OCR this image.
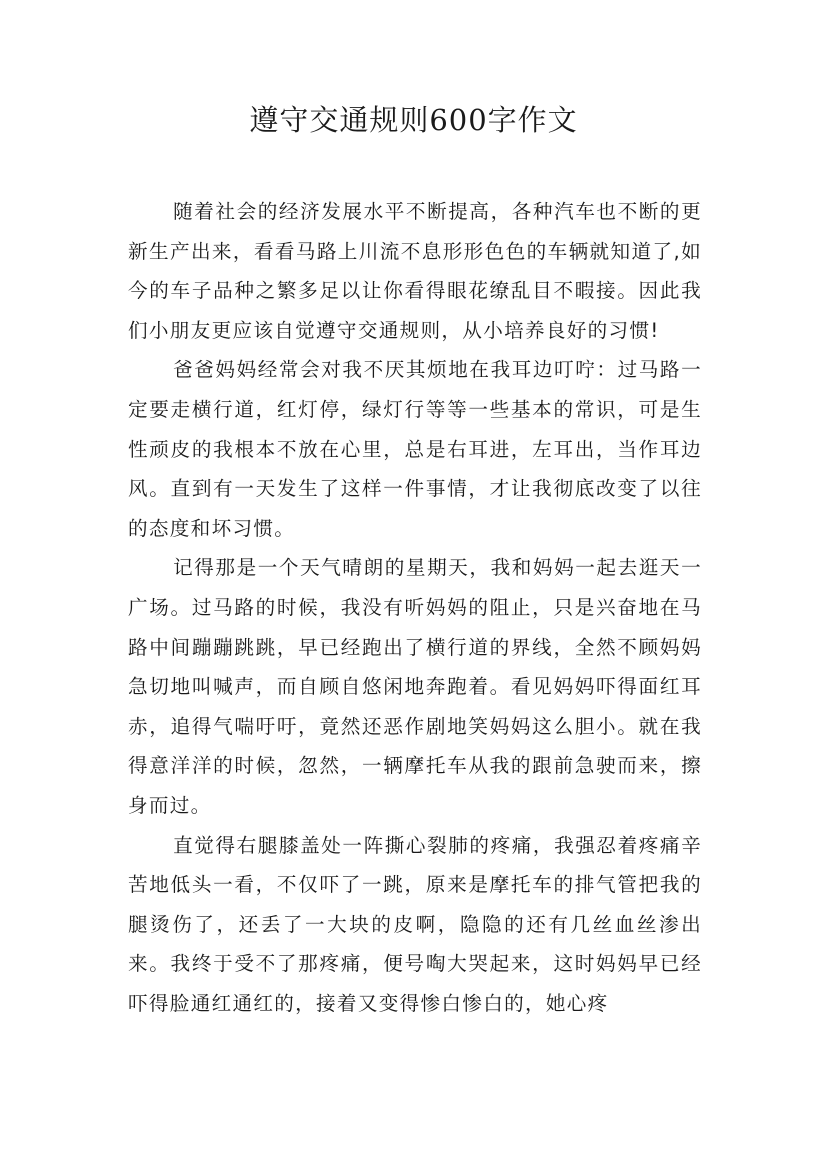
遵守交通规则600字作文

随着社会的经济发展水平不断提高，各种汽车也不断的更新生产出来，看看马路上川流不息形形色色的车辆就知道了,如今的车子品种之繁多足以让你看得眼花缭乱目不暇接。因此我们小朋友更应该自觉遵守交通规则，从小培养良好的习惯!

爸爸妈妈经常会对我不厌其烦地在我耳边叮咛：过马路一定要走横行道，红灯停，绿灯行等等一些基本的常识，可是生性顽皮的我根本不放在心里，总是右耳进，左耳出，当作耳边风。直到有一天发生了这样一件事情，才让我彻底改变了以往的态度和坏习惯。

记得那是一个天气晴朗的星期天，我和妈妈一起去逛天一广场。过马路的时候，我没有听妈妈的阻止，只是兴奋地在马路中间蹦蹦跳跳，早已经跑出了横行道的界线，全然不顾妈妈急切地叫喊声，而自顾自悠闲地奔跑着。看见妈妈吓得面红耳赤，追得气喘吁吁，竟然还恶作剧地笑妈妈这么胆小。就在我得意洋洋的时候，忽然，一辆摩托车从我的跟前急驶而来，擦身而过。

直觉得右腿膝盖处一阵撕心裂肺的疼痛，我强忍着疼痛辛苦地低头一看，不仅吓了一跳，原来是摩托车的排气管把我的腿烫伤了，还丢了一大块的皮啊，隐隐的还有几丝血丝渗出来。我终于受不了那疼痛，便号啕大哭起来，这时妈妈早已经吓得脸通红通红的，接着又变得惨白惨白的，她心疼
